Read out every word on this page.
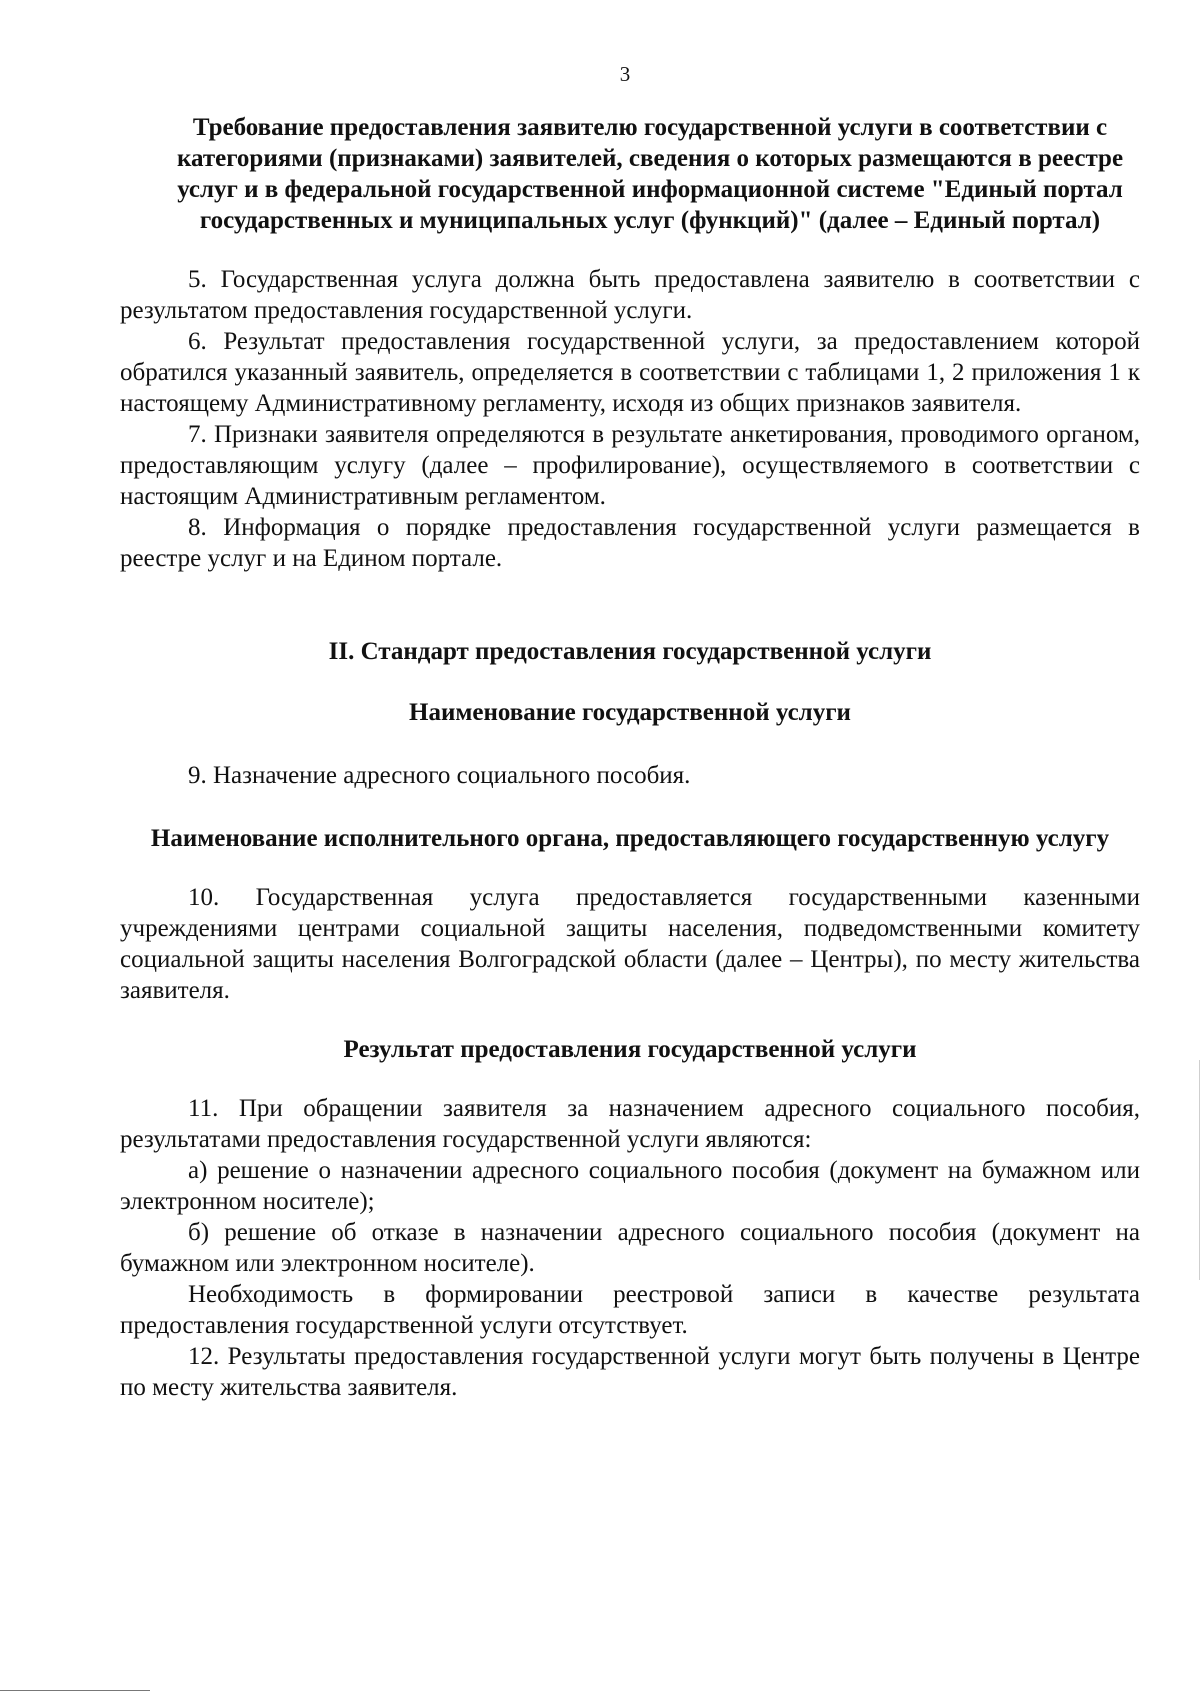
3

Требование предоставления заявителю государственной услуги в соответствии с категориями (признаками) заявителей, сведения о которых размещаются в реестре услуг и в федеральной государственной информационной системе "Единый портал государственных и муниципальных услуг (функций)" (далее – Единый портал)

5. Государственная услуга должна быть предоставлена заявителю в соответствии с результатом предоставления государственной услуги.

6. Результат предоставления государственной услуги, за предоставлением которой обратился указанный заявитель, определяется в соответствии с таблицами 1, 2 приложения 1 к настоящему Административному регламенту, исходя из общих признаков заявителя.

7. Признаки заявителя определяются в результате анкетирования, проводимого органом, предоставляющим услугу (далее – профилирование), осуществляемого в соответствии с настоящим Административным регламентом.

8. Информация о порядке предоставления государственной услуги размещается в реестре услуг и на Едином портале.

II. Стандарт предоставления государственной услуги

Наименование государственной услуги

9. Назначение адресного социального пособия.

Наименование исполнительного органа, предоставляющего государственную услугу

10. Государственная услуга предоставляется государственными казенными учреждениями центрами социальной защиты населения, подведомственными комитету социальной защиты населения Волгоградской области (далее – Центры), по месту жительства заявителя.

Результат предоставления государственной услуги

11. При обращении заявителя за назначением адресного социального пособия, результатами предоставления государственной услуги являются:

а) решение о назначении адресного социального пособия (документ на бумажном или электронном носителе);

б) решение об отказе в назначении адресного социального пособия (документ на бумажном или электронном носителе).

Необходимость в формировании реестровой записи в качестве результата предоставления государственной услуги отсутствует.

12. Результаты предоставления государственной услуги могут быть получены в Центре по месту жительства заявителя.
